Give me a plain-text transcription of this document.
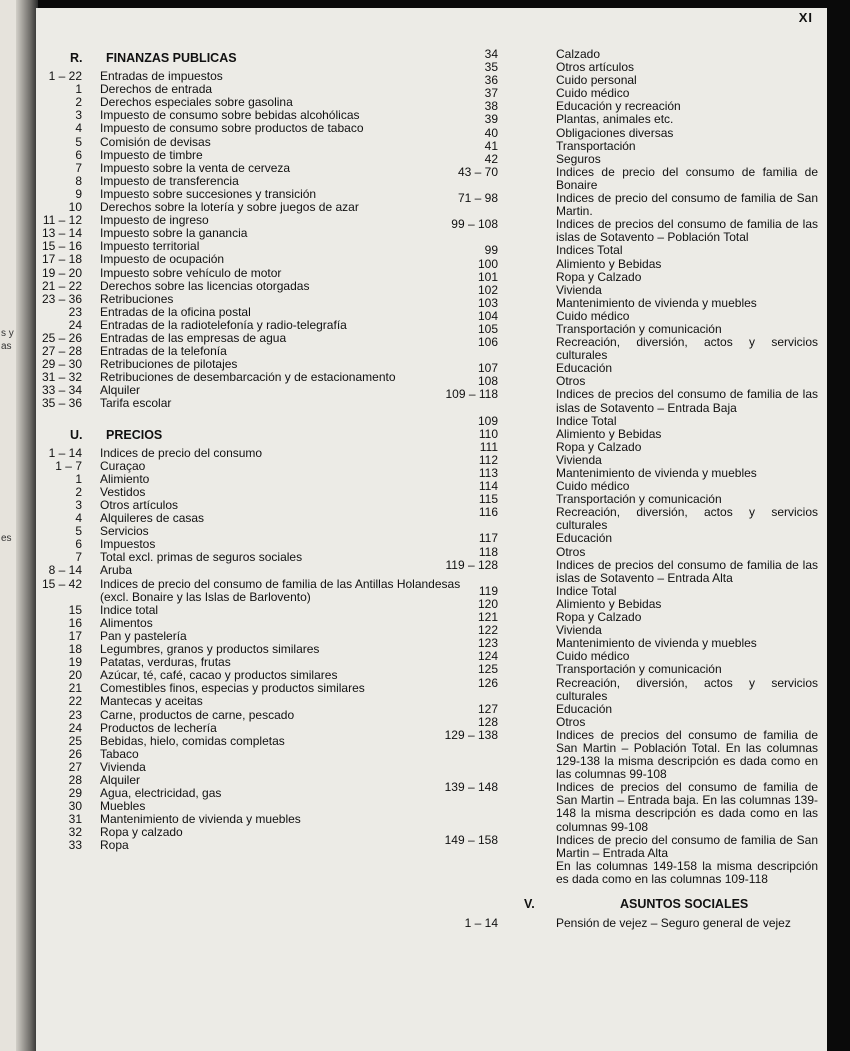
s y
as
es
XI
R.	FINANZAS PUBLICAS
1 – 22	Entradas de impuestos
1	Derechos de entrada
2	Derechos especiales sobre gasolina
3	Impuesto de consumo sobre bebidas alcohólicas
4	Impuesto de consumo sobre productos de tabaco
5	Comisión de devisas
6	Impuesto de timbre
7	Impuesto sobre la venta de cerveza
8	Impuesto de transferencia
9	Impuesto sobre succesiones y transición
10	Derechos sobre la lotería y sobre juegos de azar
11 – 12	Impuesto de ingreso
13 – 14	Impuesto sobre la ganancia
15 – 16	Impuesto territorial
17 – 18	Impuesto de ocupación
19 – 20	Impuesto sobre vehículo de motor
21 – 22	Derechos sobre las licencias otorgadas
23 – 36	Retribuciones
23	Entradas de la oficina postal
24	Entradas de la radiotelefonía y radio-telegrafía
25 – 26	Entradas de las empresas de agua
27 – 28	Entradas de la telefonía
29 – 30	Retribuciones de pilotajes
31 – 32	Retribuciones de desembarcación y de estacionamento
33 – 34	Alquiler
35 – 36	Tarifa escolar
U.	PRECIOS
1 – 14	Indices de precio del consumo
1 – 7	Curaçao
1	Alimiento
2	Vestidos
3	Otros artículos
4	Alquileres de casas
5	Servicios
6	Impuestos
7	Total excl. primas de seguros sociales
8 – 14	Aruba
15 – 42	Indices de precio del consumo de familia de las Antillas Holandesas (excl. Bonaire y las Islas de Barlovento)
15	Indice total
16	Alimentos
17	Pan y pastelería
18	Legumbres, granos y productos similares
19	Patatas, verduras, frutas
20	Azúcar, té, café, cacao y productos similares
21	Comestibles finos, especias y productos similares
22	Mantecas y aceitas
23	Carne, productos de carne, pescado
24	Productos de lechería
25	Bebidas, hielo, comidas completas
26	Tabaco
27	Vivienda
28	Alquiler
29	Agua, electricidad, gas
30	Muebles
31	Mantenimiento de vivienda y muebles
32	Ropa y calzado
33	Ropa
34	Calzado
35	Otros artículos
36	Cuido personal
37	Cuido médico
38	Educación y recreación
39	Plantas, animales etc.
40	Obligaciones diversas
41	Transportación
42	Seguros
43 – 70	Indices de precio del consumo de familia de Bonaire
71 – 98	Indices de precio del consumo de familia de San Martin.
99 – 108	Indices de precios del consumo de familia de las islas de Sotavento – Población Total
99	Indices Total
100	Alimiento y Bebidas
101	Ropa y Calzado
102	Vivienda
103	Mantenimiento de vivienda y muebles
104	Cuido médico
105	Transportación y comunicación
106	Recreación, diversión, actos y servicios culturales
107	Educación
108	Otros
109 – 118	Indices de precios del consumo de familia de las islas de Sotavento – Entrada Baja
109	Indice Total
110	Alimiento y Bebidas
111	Ropa y Calzado
112	Vivienda
113	Mantenimiento de vivienda y muebles
114	Cuido médico
115	Transportación y comunicación
116	Recreación, diversión, actos y servicios culturales
117	Educación
118	Otros
119 – 128	Indices de precios del consumo de familia de las islas de Sotavento – Entrada Alta
119	Indice Total
120	Alimiento y Bebidas
121	Ropa y Calzado
122	Vivienda
123	Mantenimiento de vivienda y muebles
124	Cuido médico
125	Transportación y comunicación
126	Recreación, diversión, actos y servicios culturales
127	Educación
128	Otros
129 – 138	Indices de precios del consumo de familia de San Martin – Población Total. En las columnas 129-138 la misma descripción es dada como en las columnas 99-108
139 – 148	Indices de precios del consumo de familia de San Martin – Entrada baja. En las columnas 139-148 la misma descripción es dada como en las columnas 99-108
149 – 158	Indices de precio del consumo de familia de San Martin – Entrada Alta
En las columnas 149-158 la misma descripción es dada como en las columnas 109-118
V.	ASUNTOS SOCIALES
1 – 14	Pensión de vejez – Seguro general de vejez
